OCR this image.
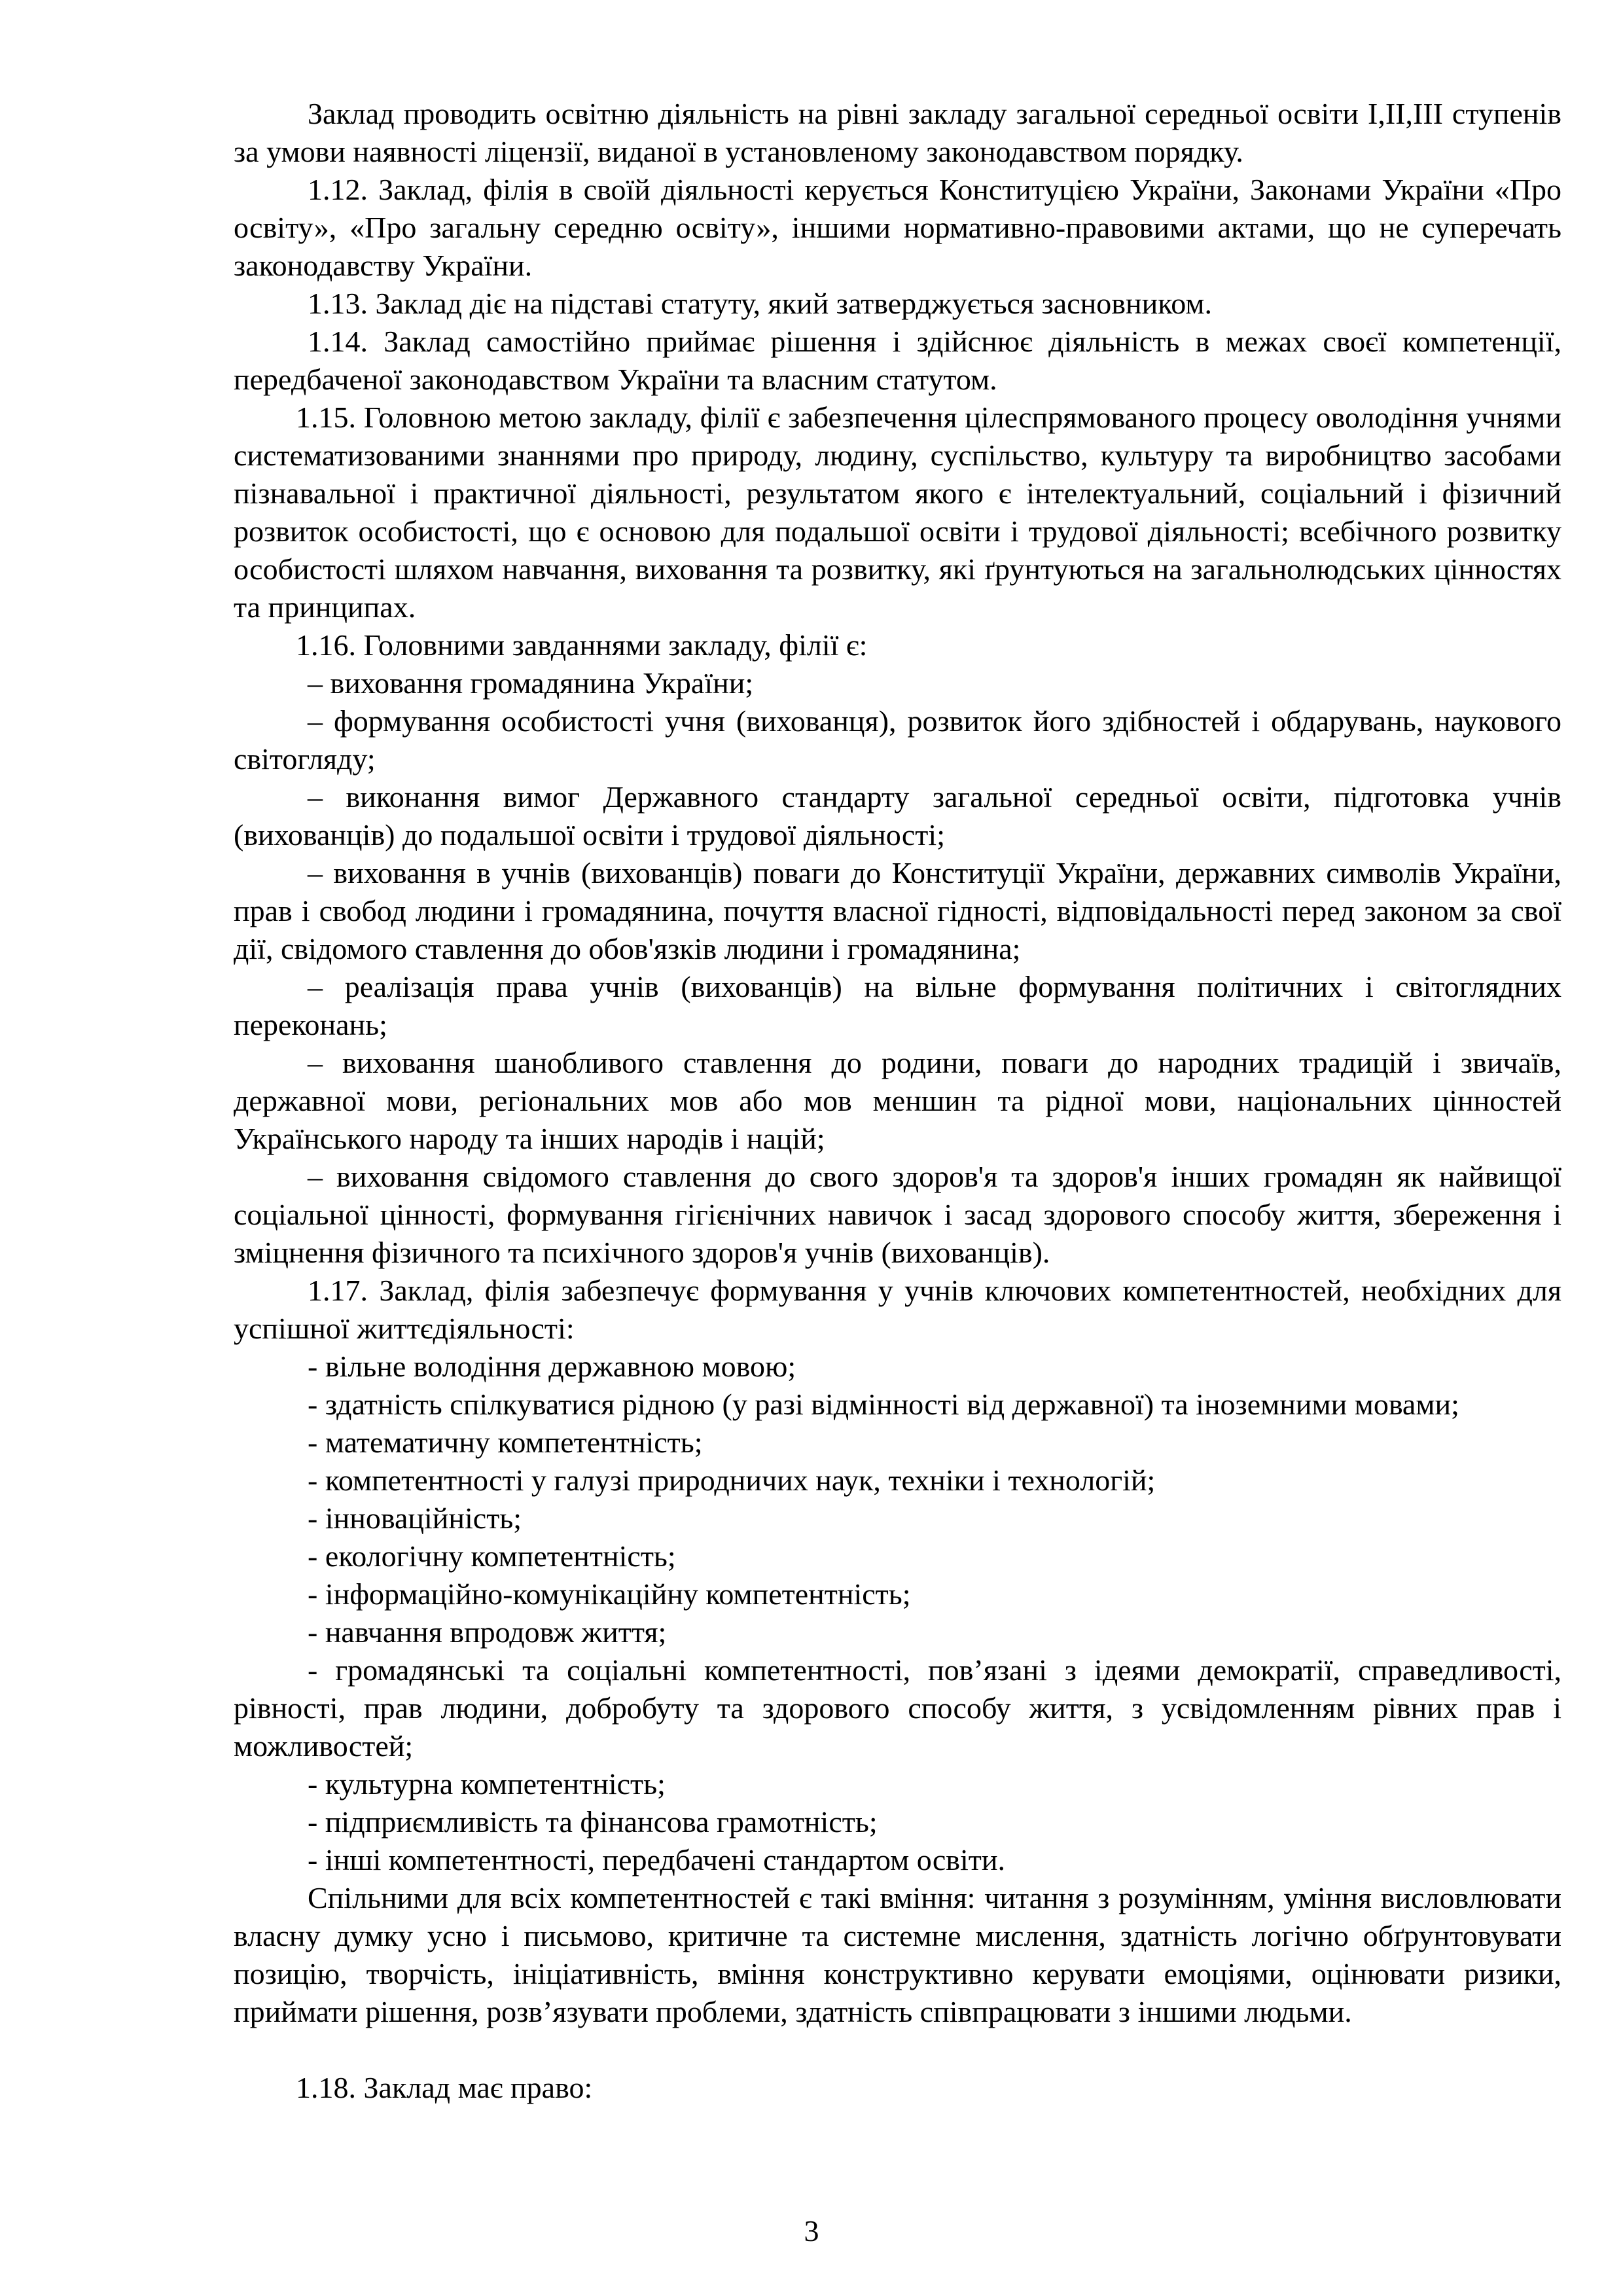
Заклад проводить освітню діяльність на рівні закладу загальної середньої освіти I,II,III ступенів за умови наявності ліцензії, виданої в установленому законодавством порядку.

1.12. Заклад, філія в своїй діяльності керується Конституцією України, Законами України «Про освіту», «Про загальну середню освіту», іншими нормативно-правовими актами, що не суперечать законодавству України.

1.13. Заклад діє на підставі статуту, який затверджується засновником.

1.14. Заклад самостійно приймає рішення і здійснює діяльність в межах своєї компетенції, передбаченої законодавством України та власним статутом.

1.15. Головною метою закладу, філії є забезпечення цілеспрямованого процесу оволодіння учнями систематизованими знаннями про природу, людину, суспільство, культуру та виробництво засобами пізнавальної і практичної діяльності, результатом якого є інтелектуальний, соціальний і фізичний розвиток особистості, що є основою для подальшої освіти і трудової діяльності; всебічного розвитку особистості шляхом навчання, виховання та розвитку, які ґрунтуються на загальнолюдських цінностях та принципах.

1.16. Головними завданнями закладу, філії є:

– виховання громадянина України;

– формування особистості учня (вихованця), розвиток його здібностей і обдарувань, наукового світогляду;

– виконання вимог Державного стандарту загальної середньої освіти, підготовка учнів (вихованців) до подальшої освіти і трудової діяльності;

– виховання в учнів (вихованців) поваги до Конституції України, державних символів України, прав і свобод людини і громадянина, почуття власної гідності, відповідальності перед законом за свої дії, свідомого ставлення до обов'язків людини і громадянина;

– реалізація права учнів (вихованців) на вільне формування політичних і світоглядних переконань;

– виховання шанобливого ставлення до родини, поваги до народних традицій і звичаїв, державної мови, регіональних мов або мов меншин та рідної мови, національних цінностей Українського народу та інших народів і націй;

– виховання свідомого ставлення до свого здоров'я та здоров'я інших громадян як найвищої соціальної цінності, формування гігієнічних навичок і засад здорового способу життя, збереження і зміцнення фізичного та психічного здоров'я учнів (вихованців).

1.17. Заклад, філія забезпечує формування у учнів ключових компетентностей, необхідних для успішної життєдіяльності:

- вільне володіння державною мовою;

- здатність спілкуватися рідною (у разі відмінності від державної) та іноземними мовами;

- математичну компетентність;

- компетентності у галузі природничих наук, техніки і технологій;

- інноваційність;

- екологічну компетентність;

- інформаційно-комунікаційну компетентність;

- навчання впродовж життя;

- громадянські та соціальні компетентності, пов’язані з ідеями демократії, справедливості, рівності, прав людини, добробуту та здорового способу життя, з усвідомленням рівних прав і можливостей;

- культурна компетентність;

- підприємливість та фінансова грамотність;

- інші компетентності, передбачені стандартом освіти.

Спільними для всіх компетентностей є такі вміння: читання з розумінням, уміння висловлювати власну думку усно і письмово, критичне та системне мислення, здатність логічно обґрунтовувати позицію, творчість, ініціативність, вміння конструктивно керувати емоціями, оцінювати ризики, приймати рішення, розв’язувати проблеми, здатність співпрацювати з іншими людьми.

1.18. Заклад має право:

3
